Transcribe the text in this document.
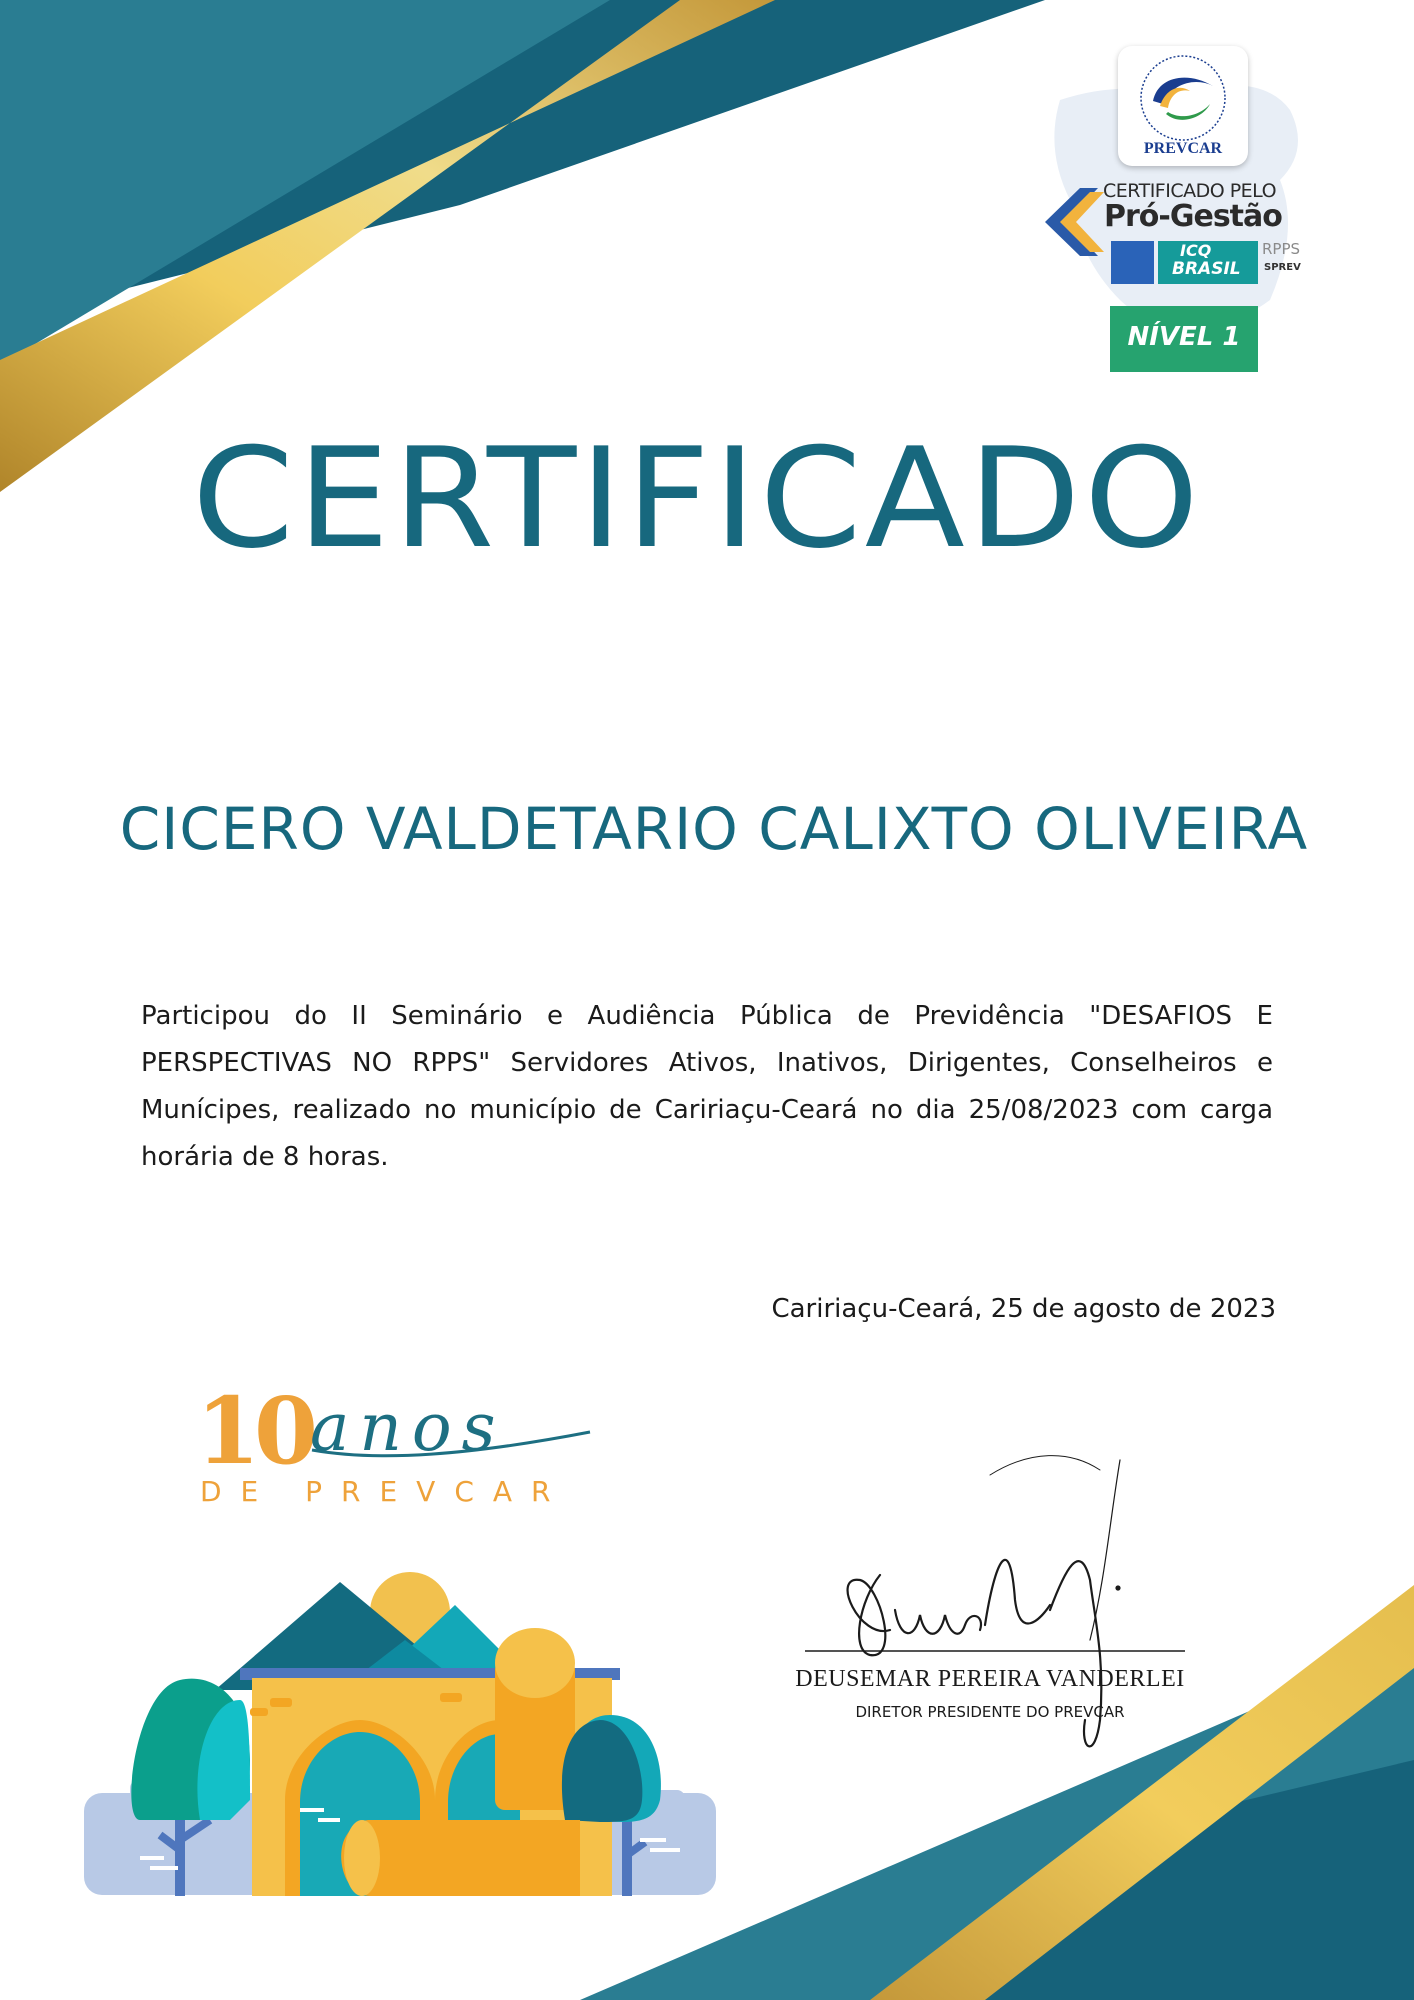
PREVCAR
CERTIFICADO PELO
Pró-Gestão
ICQ
BRASIL
RPPS
SPREV
NÍVEL 1
CERTIFICADO
CICERO VALDETARIO CALIXTO OLIVEIRA
Participou do II Seminário e Audiência Pública de Previdência "DESAFIOS E PERSPECTIVAS NO RPPS" Servidores Ativos, Inativos, Dirigentes, Conselheiros e Munícipes, realizado no município de Caririaçu-Ceará no dia 25/08/2023 com carga horária de 8 horas.
Caririaçu-Ceará, 25 de agosto de 2023
10
anos
DE PREVCAR
DEUSEMAR PEREIRA VANDERLEI
DIRETOR PRESIDENTE DO PREVCAR
